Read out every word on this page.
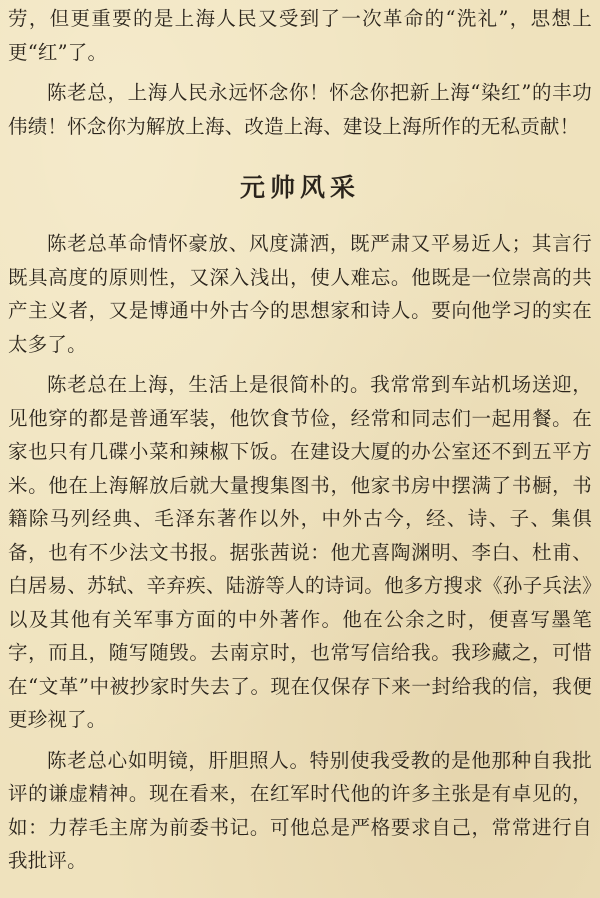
劳，但更重要的是上海人民又受到了一次革命的“洗礼”，思想上更“红”了。

陈老总，上海人民永远怀念你！怀念你把新上海“染红”的丰功伟绩！怀念你为解放上海、改造上海、建设上海所作的无私贡献！

元帅风采

陈老总革命情怀豪放、风度潇洒，既严肃又平易近人；其言行既具高度的原则性，又深入浅出，使人难忘。他既是一位崇高的共产主义者，又是博通中外古今的思想家和诗人。要向他学习的实在太多了。

陈老总在上海，生活上是很简朴的。我常常到车站机场送迎，见他穿的都是普通军装，他饮食节俭，经常和同志们一起用餐。在家也只有几碟小菜和辣椒下饭。在建设大厦的办公室还不到五平方米。他在上海解放后就大量搜集图书，他家书房中摆满了书橱，书籍除马列经典、毛泽东著作以外，中外古今，经、诗、子、集俱备，也有不少法文书报。据张茜说：他尤喜陶渊明、李白、杜甫、白居易、苏轼、辛弃疾、陆游等人的诗词。他多方搜求《孙子兵法》以及其他有关军事方面的中外著作。他在公余之时，便喜写墨笔字，而且，随写随毁。去南京时，也常写信给我。我珍藏之，可惜在“文革”中被抄家时失去了。现在仅保存下来一封给我的信，我便更珍视了。

陈老总心如明镜，肝胆照人。特别使我受教的是他那种自我批评的谦虚精神。现在看来，在红军时代他的许多主张是有卓见的，如：力荐毛主席为前委书记。可他总是严格要求自己，常常进行自我批评。
